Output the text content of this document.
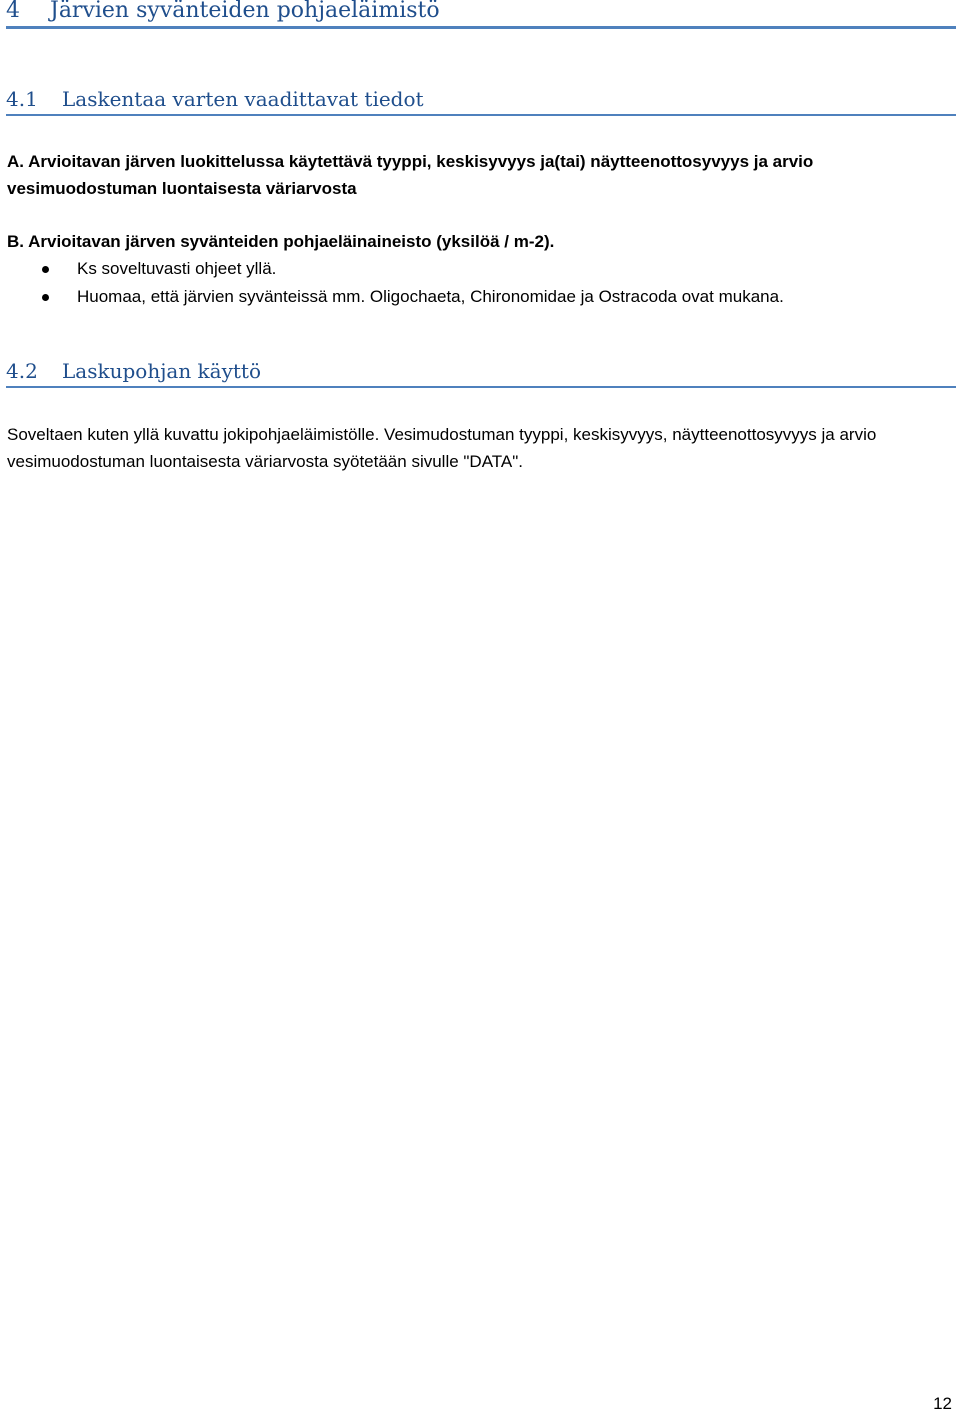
4 Järvien syvänteiden pohjaeläimistö
4.1 Laskentaa varten vaadittavat tiedot
A. Arvioitavan järven luokittelussa käytettävä tyyppi, keskisyvyys ja(tai) näytteenottosyvyys ja arvio vesimuodostuman luontaisesta väriarvosta
B. Arvioitavan järven syvänteiden pohjaeläinaineisto (yksilöä / m-2).
Ks soveltuvasti ohjeet yllä.
Huomaa, että järvien syvänteissä mm. Oligochaeta, Chironomidae ja Ostracoda ovat mukana.
4.2 Laskupohjan käyttö
Soveltaen kuten yllä kuvattu jokipohjaeläimistölle. Vesimudostuman tyyppi, keskisyvyys, näytteenottosyvyys ja arvio vesimuodostuman luontaisesta väriarvosta syötetään sivulle "DATA".
12
